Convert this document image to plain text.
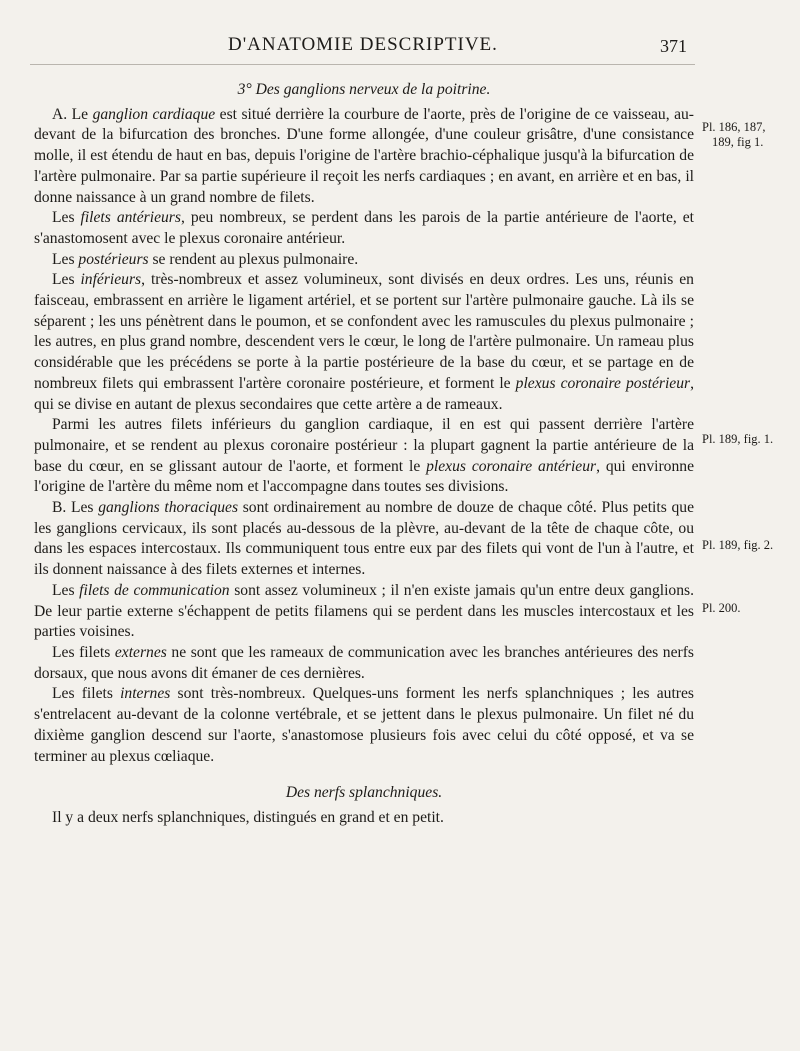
D'ANATOMIE DESCRIPTIVE.	371

3° Des ganglions nerveux de la poitrine.

A. Le ganglion cardiaque est situé derrière la courbure de l'aorte, près de l'origine de ce vaisseau, au-devant de la bifurcation des bronches. D'une forme allongée, d'une couleur grisâtre, d'une consistance molle, il est étendu de haut en bas, depuis l'origine de l'artère brachio-céphalique jusqu'à la bifurcation de l'artère pulmonaire. Par sa partie supérieure il reçoit les nerfs cardiaques ; en avant, en arrière et en bas, il donne naissance à un grand nombre de filets.

Les filets antérieurs, peu nombreux, se perdent dans les parois de la partie antérieure de l'aorte, et s'anastomosent avec le plexus coronaire antérieur.

Les postérieurs se rendent au plexus pulmonaire.

Les inférieurs, très-nombreux et assez volumineux, sont divisés en deux ordres. Les uns, réunis en faisceau, embrassent en arrière le ligament artériel, et se portent sur l'artère pulmonaire gauche. Là ils se séparent ; les uns pénètrent dans le poumon, et se confondent avec les ramuscules du plexus pulmonaire ; les autres, en plus grand nombre, descendent vers le cœur, le long de l'artère pulmonaire. Un rameau plus considérable que les précédens se porte à la partie postérieure de la base du cœur, et se partage en de nombreux filets qui embrassent l'artère coronaire postérieure, et forment le plexus coronaire postérieur, qui se divise en autant de plexus secondaires que cette artère a de rameaux.

Parmi les autres filets inférieurs du ganglion cardiaque, il en est qui passent derrière l'artère pulmonaire, et se rendent au plexus coronaire postérieur : la plupart gagnent la partie antérieure de la base du cœur, en se glissant autour de l'aorte, et forment le plexus coronaire antérieur, qui environne l'origine de l'artère du même nom et l'accompagne dans toutes ses divisions.

B. Les ganglions thoraciques sont ordinairement au nombre de douze de chaque côté. Plus petits que les ganglions cervicaux, ils sont placés au-dessous de la plèvre, au-devant de la tête de chaque côte, ou dans les espaces intercostaux. Ils communiquent tous entre eux par des filets qui vont de l'un à l'autre, et ils donnent naissance à des filets externes et internes.

Les filets de communication sont assez volumineux ; il n'en existe jamais qu'un entre deux ganglions. De leur partie externe s'échappent de petits filamens qui se perdent dans les muscles intercostaux et les parties voisines.

Les filets externes ne sont que les rameaux de communication avec les branches antérieures des nerfs dorsaux, que nous avons dit émaner de ces dernières.

Les filets internes sont très-nombreux. Quelques-uns forment les nerfs splanchniques ; les autres s'entrelacent au-devant de la colonne vertébrale, et se jettent dans le plexus pulmonaire. Un filet né du dixième ganglion descend sur l'aorte, s'anastomose plusieurs fois avec celui du côté opposé, et va se terminer au plexus cœliaque.

Des nerfs splanchniques.

Il y a deux nerfs splanchniques, distingués en grand et en petit.

Pl. 186, 187,
189, fig 1.
Pl. 189, fig. 1.
Pl. 189, fig. 2.
Pl. 200.
